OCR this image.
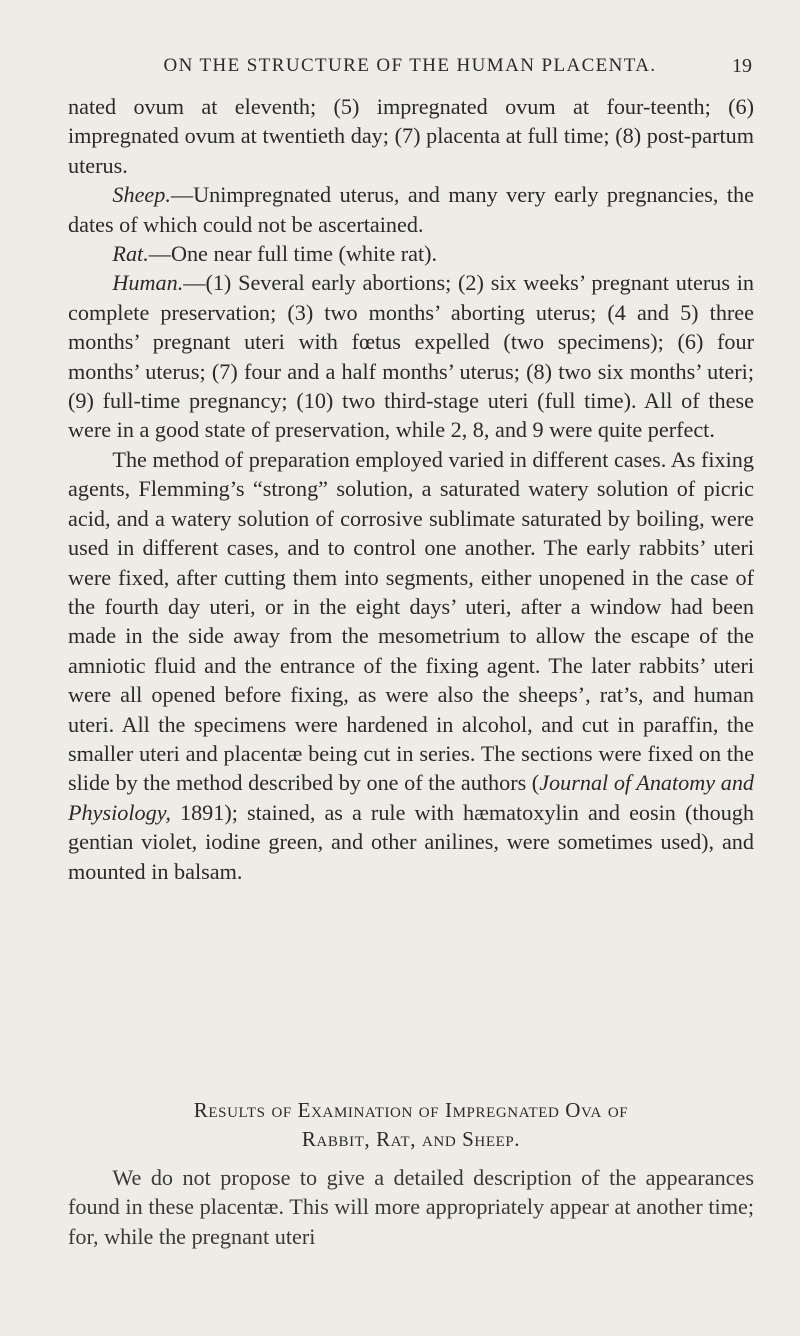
ON THE STRUCTURE OF THE HUMAN PLACENTA.	19

nated ovum at eleventh; (5) impregnated ovum at four-teenth; (6) impregnated ovum at twentieth day; (7) placenta at full time; (8) post-partum uterus.

Sheep.—Unimpregnated uterus, and many very early pregnancies, the dates of which could not be ascertained.

Rat.—One near full time (white rat).

Human.—(1) Several early abortions; (2) six weeks’ pregnant uterus in complete preservation; (3) two months’ aborting uterus; (4 and 5) three months’ pregnant uteri with fœtus expelled (two specimens); (6) four months’ uterus; (7) four and a half months’ uterus; (8) two six months’ uteri; (9) full-time pregnancy; (10) two third-stage uteri (full time). All of these were in a good state of preservation, while 2, 8, and 9 were quite perfect.

The method of preparation employed varied in different cases. As fixing agents, Flemming’s “strong” solution, a saturated watery solution of picric acid, and a watery solution of corrosive sublimate saturated by boiling, were used in different cases, and to control one another. The early rabbits’ uteri were fixed, after cutting them into segments, either unopened in the case of the fourth day uteri, or in the eight days’ uteri, after a window had been made in the side away from the mesometrium to allow the escape of the amniotic fluid and the entrance of the fixing agent. The later rabbits’ uteri were all opened before fixing, as were also the sheeps’, rat’s, and human uteri. All the specimens were hardened in alcohol, and cut in paraffin, the smaller uteri and placentæ being cut in series. The sections were fixed on the slide by the method described by one of the authors (Journal of Anatomy and Physiology, 1891); stained, as a rule with hæmatoxylin and eosin (though gentian violet, iodine green, and other anilines, were sometimes used), and mounted in balsam.

Results of Examination of Impregnated Ova of
Rabbit, Rat, and Sheep.

We do not propose to give a detailed description of the appearances found in these placentæ. This will more appropriately appear at another time; for, while the pregnant uteri
